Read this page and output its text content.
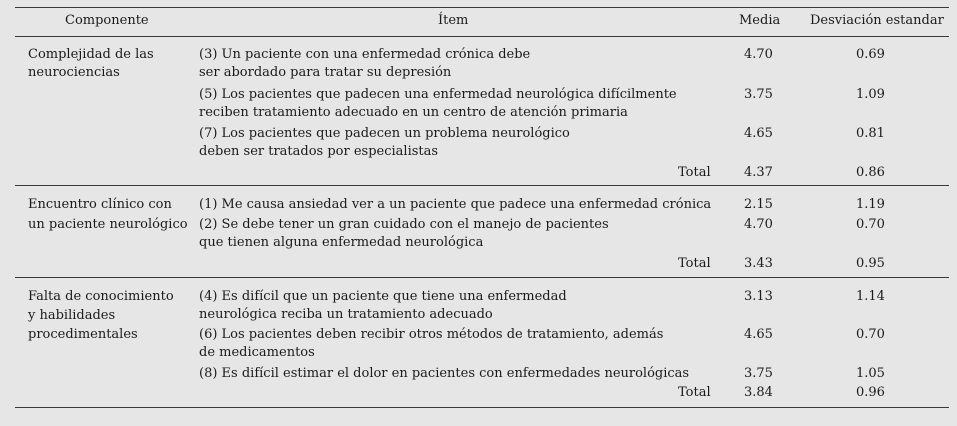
Componente	Ítem	Media Desviación estandar
Complejidad de las
neurociencias
(3) Un paciente con una enfermedad crónica debe
ser abordado para tratar su depresión
4.70	0.69
(5) Los pacientes que padecen una enfermedad neurológica difícilmente
reciben tratamiento adecuado en un centro de atención primaria
3.75	1.09
(7) Los pacientes que padecen un problema neurológico
deben ser tratados por especialistas
4.65	0.81
Total	4.37	0.86
Encuentro clínico con
un paciente neurológico
(1) Me causa ansiedad ver a un paciente que padece una enfermedad crónica	2.15	1.19
(2) Se debe tener un gran cuidado con el manejo de pacientes
que tienen alguna enfermedad neurológica
4.70	0.70
Total	3.43	0.95
Falta de conocimiento
y habilidades
procedimentales
(4) Es difícil que un paciente que tiene una enfermedad
neurológica reciba un tratamiento adecuado
3.13	1.14
(6) Los pacientes deben recibir otros métodos de tratamiento, además
de medicamentos
4.65	0.70
(8) Es difícil estimar el dolor en pacientes con enfermedades neurológicas	3.75	1.05
Total	3.84	0.96
